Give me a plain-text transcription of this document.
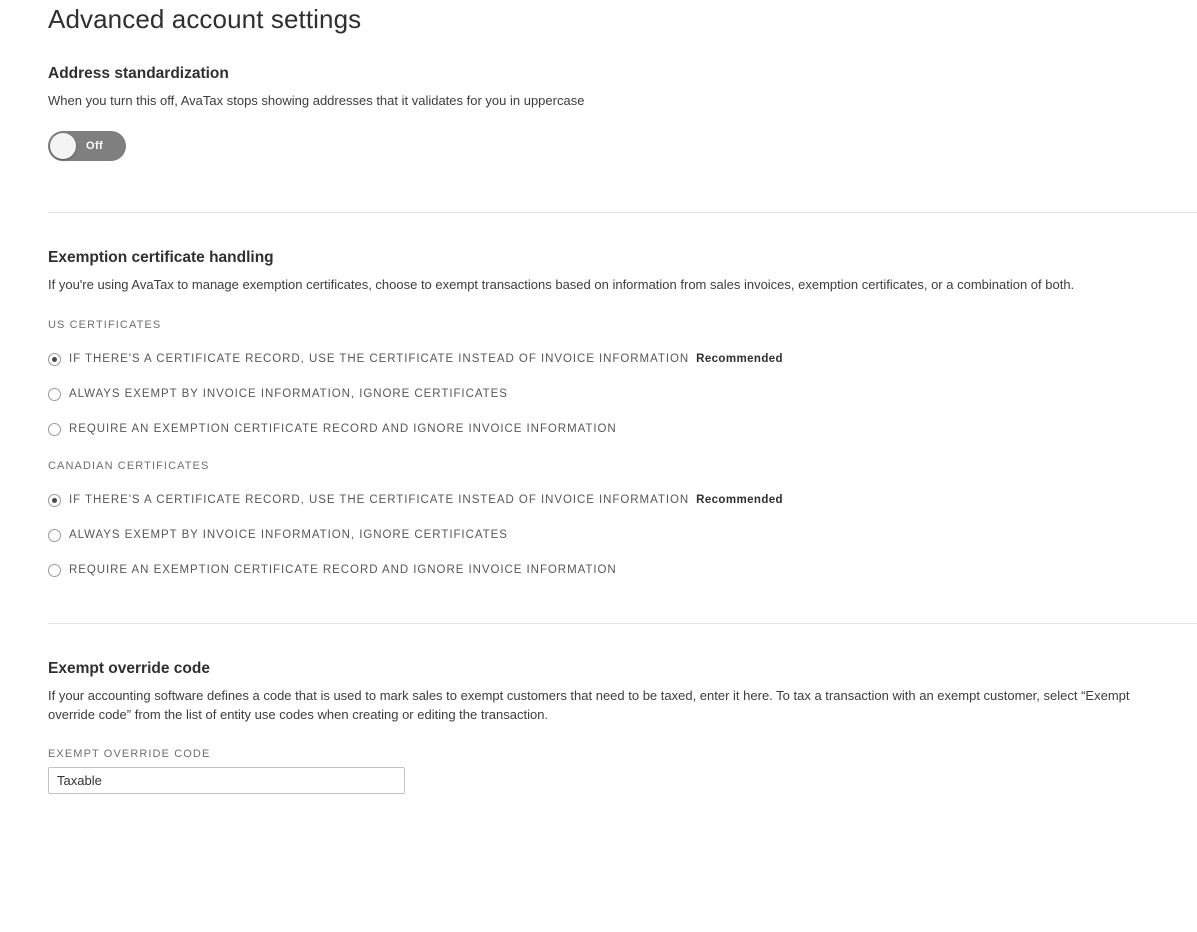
Advanced account settings
Address standardization

When you turn this off, AvaTax stops showing addresses that it validates for you in uppercase

Off
Exemption certificate handling

If you're using AvaTax to manage exemption certificates, choose to exempt transactions based on information from sales invoices, exemption certificates, or a combination of both.

US CERTIFICATES

IF THERE'S A CERTIFICATE RECORD, USE THE CERTIFICATE INSTEAD OF INVOICE INFORMATION Recommended
ALWAYS EXEMPT BY INVOICE INFORMATION, IGNORE CERTIFICATES
REQUIRE AN EXEMPTION CERTIFICATE RECORD AND IGNORE INVOICE INFORMATION

CANADIAN CERTIFICATES

IF THERE'S A CERTIFICATE RECORD, USE THE CERTIFICATE INSTEAD OF INVOICE INFORMATION Recommended
ALWAYS EXEMPT BY INVOICE INFORMATION, IGNORE CERTIFICATES
REQUIRE AN EXEMPTION CERTIFICATE RECORD AND IGNORE INVOICE INFORMATION
Exempt override code

If your accounting software defines a code that is used to mark sales to exempt customers that need to be taxed, enter it here. To tax a transaction with an exempt customer, select “Exempt override code” from the list of entity use codes when creating or editing the transaction.

EXEMPT OVERRIDE CODE

Taxable
